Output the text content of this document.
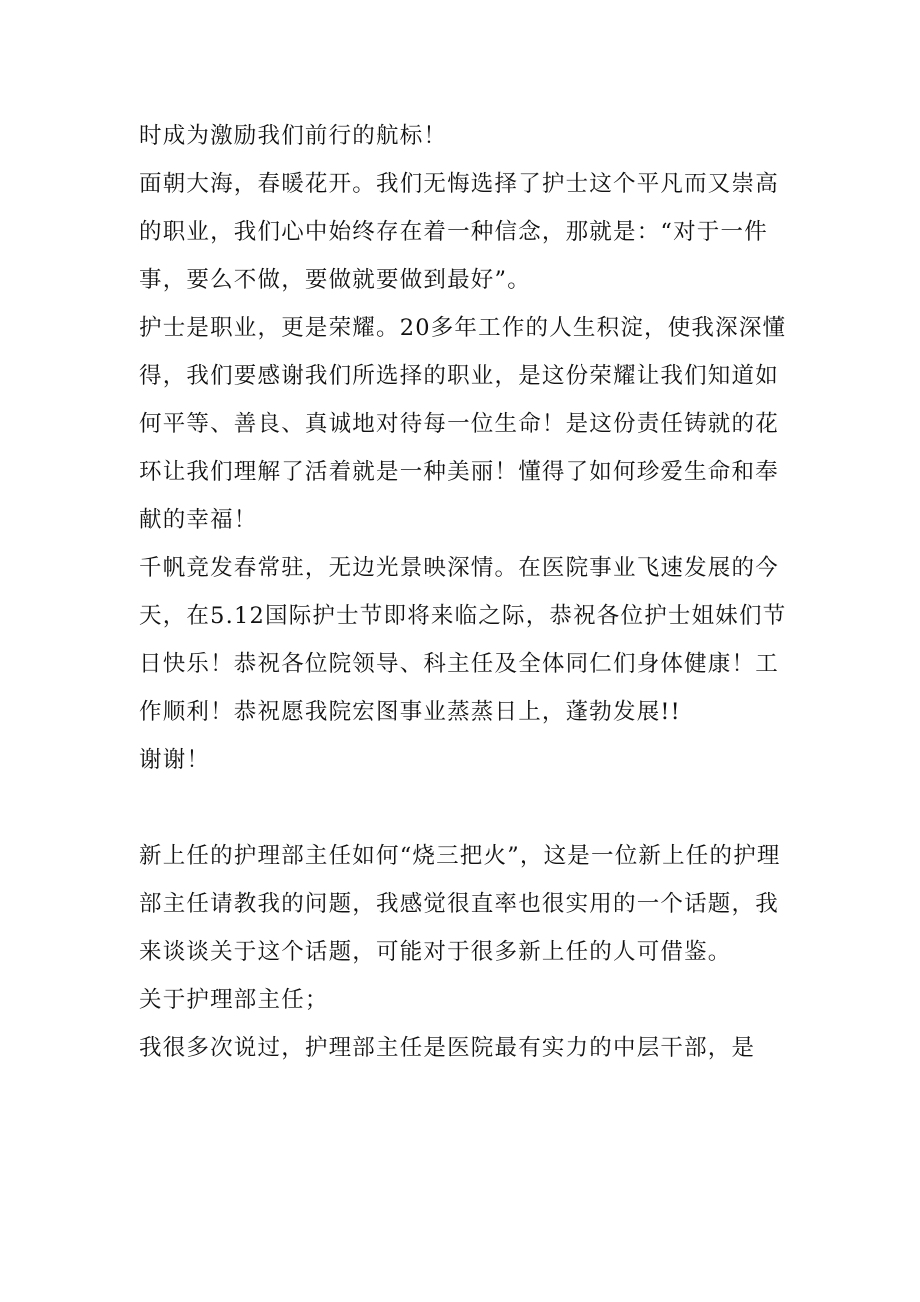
时成为激励我们前行的航标！

面朝大海，春暖花开。我们无悔选择了护士这个平凡而又崇高的职业，我们心中始终存在着一种信念，那就是：“对于一件事，要么不做，要做就要做到最好”。

护士是职业，更是荣耀。20多年工作的人生积淀，使我深深懂得，我们要感谢我们所选择的职业，是这份荣耀让我们知道如何平等、善良、真诚地对待每一位生命！是这份责任铸就的花环让我们理解了活着就是一种美丽！懂得了如何珍爱生命和奉献的幸福！

千帆竞发春常驻，无边光景映深情。在医院事业飞速发展的今天，在5.12国际护士节即将来临之际，恭祝各位护士姐妹们节日快乐！恭祝各位院领导、科主任及全体同仁们身体健康！工作顺利！恭祝愿我院宏图事业蒸蒸日上，蓬勃发展!!

谢谢！

新上任的护理部主任如何“烧三把火”，这是一位新上任的护理部主任请教我的问题，我感觉很直率也很实用的一个话题，我来谈谈关于这个话题，可能对于很多新上任的人可借鉴。

关于护理部主任；

我很多次说过，护理部主任是医院最有实力的中层干部，是
